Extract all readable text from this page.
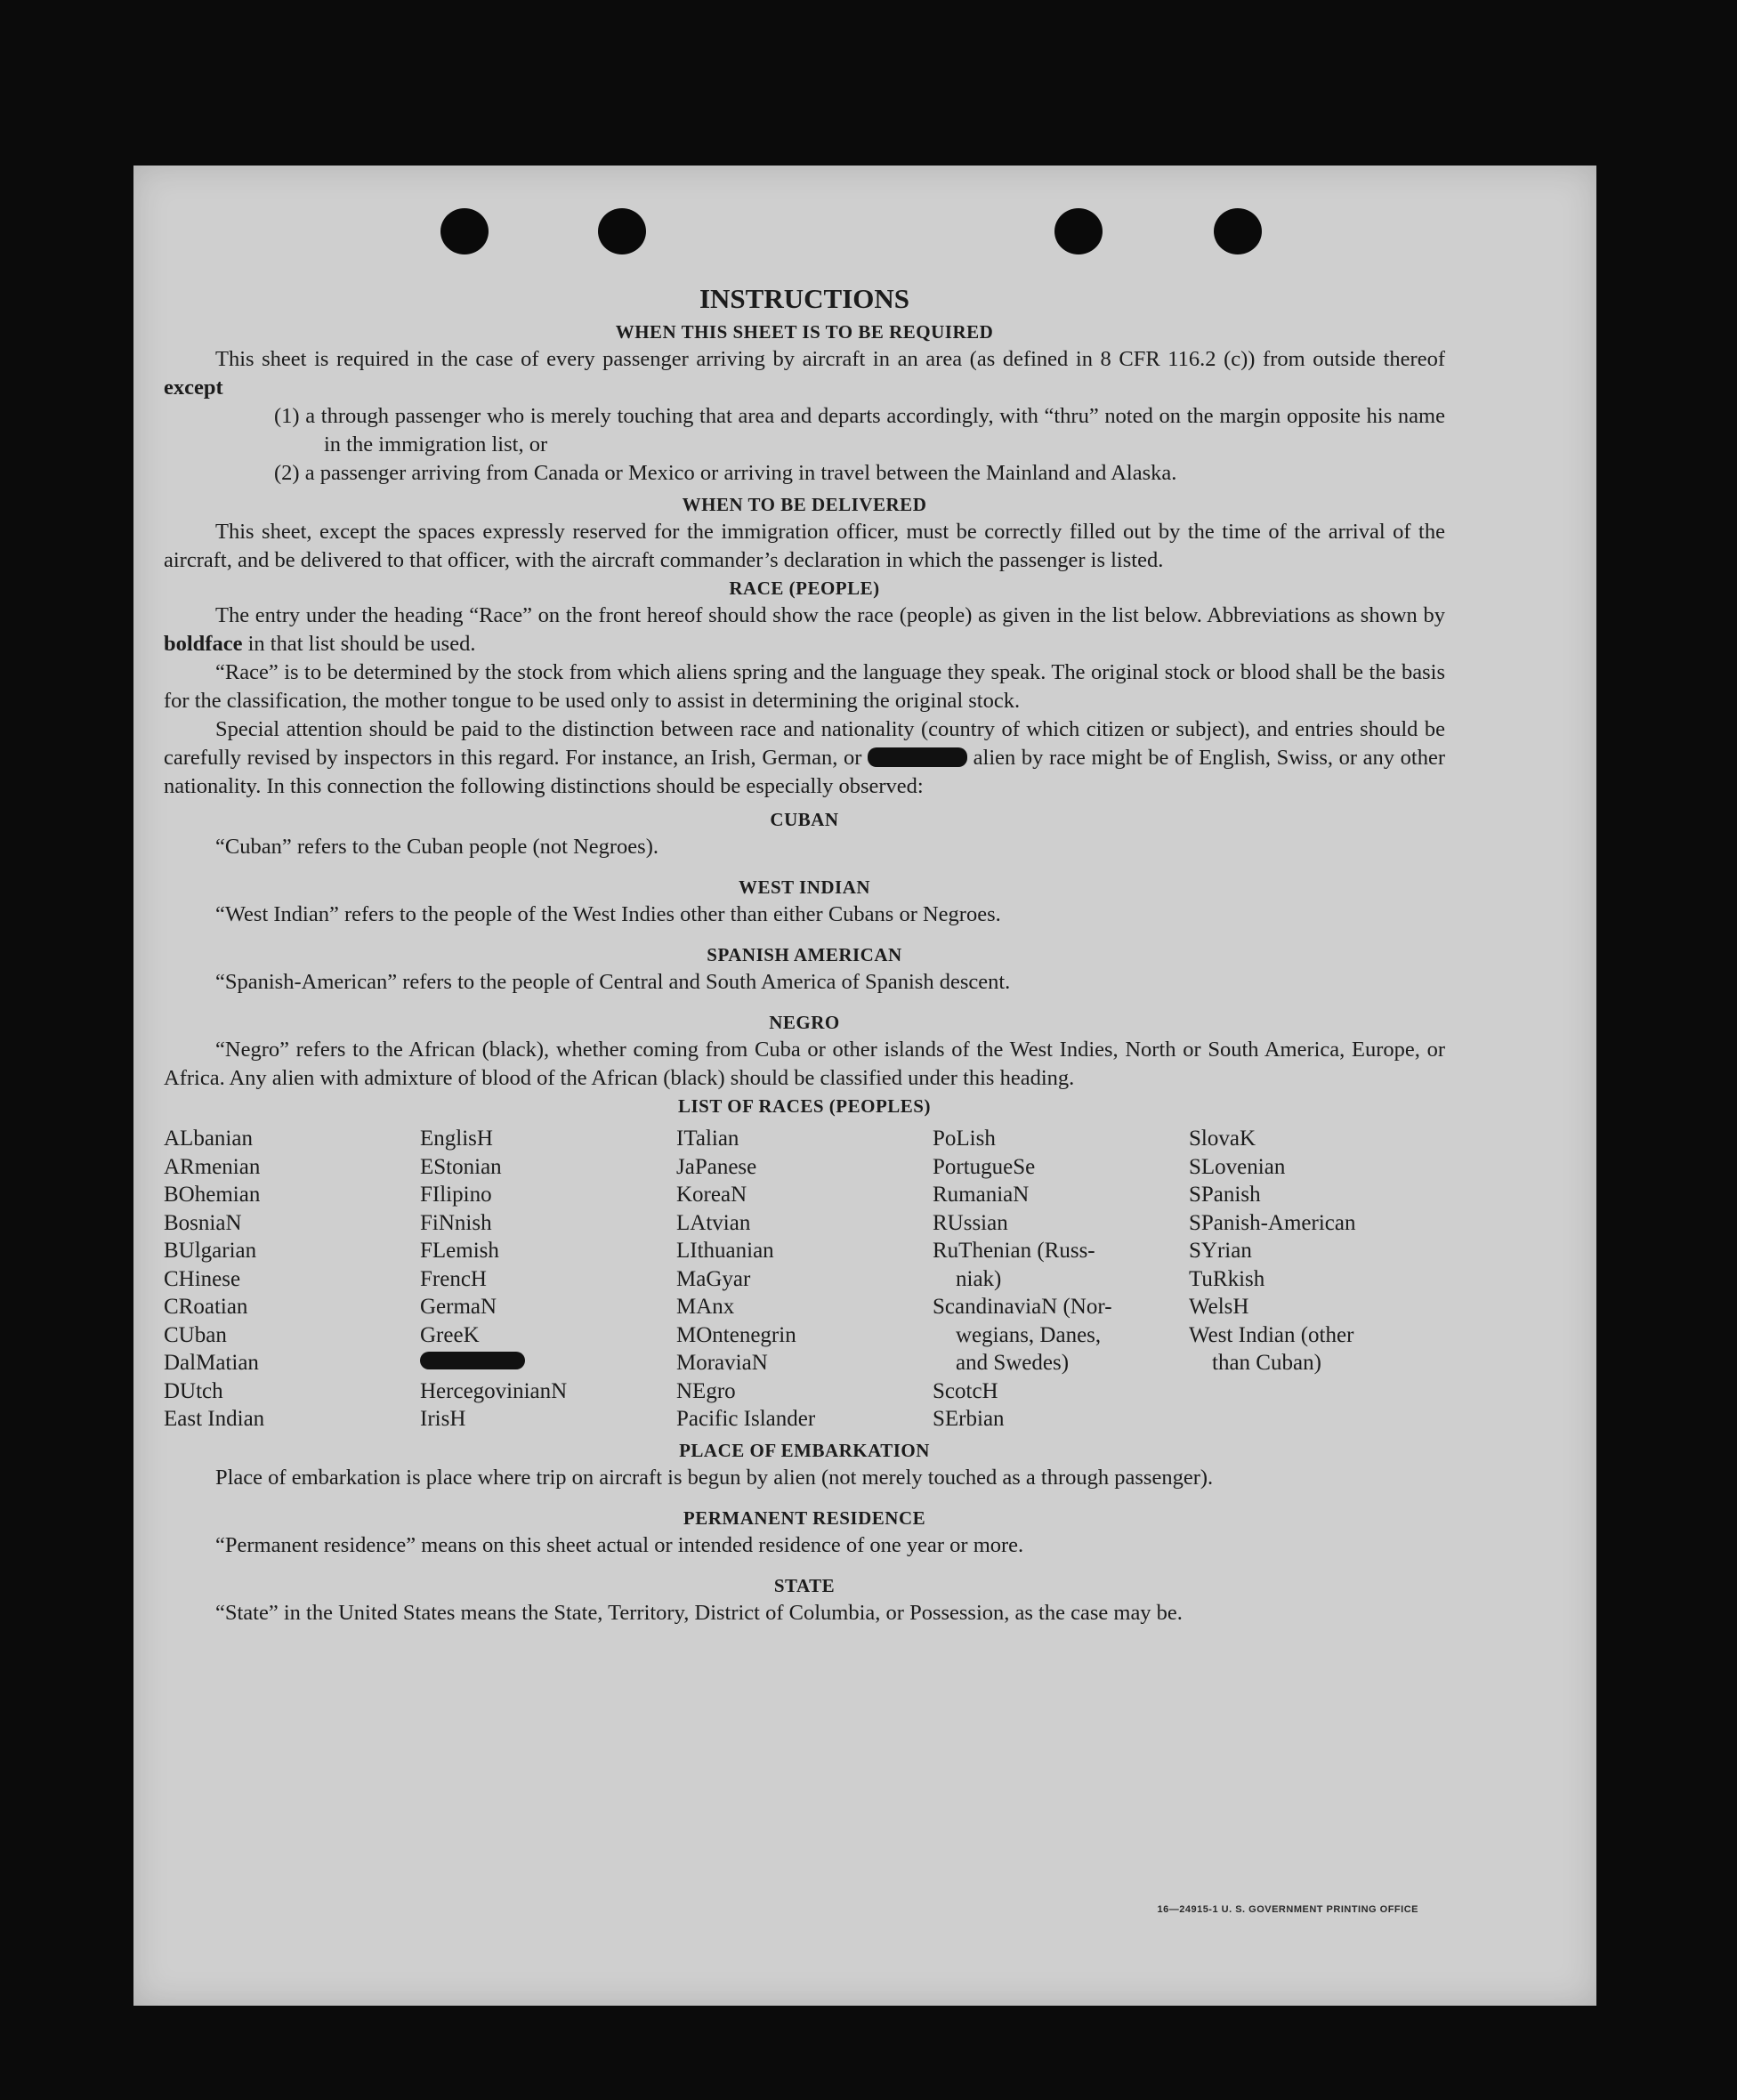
INSTRUCTIONS
WHEN THIS SHEET IS TO BE REQUIRED

This sheet is required in the case of every passenger arriving by aircraft in an area (as defined in 8 CFR 116.2 (c)) from outside thereof except

(1) a through passenger who is merely touching that area and departs accordingly, with “thru” noted on the margin opposite his name in the immigration list, or

(2) a passenger arriving from Canada or Mexico or arriving in travel between the Mainland and Alaska.

WHEN TO BE DELIVERED

This sheet, except the spaces expressly reserved for the immigration officer, must be correctly filled out by the time of the arrival of the aircraft, and be delivered to that officer, with the aircraft commander’s declaration in which the passenger is listed.

RACE (PEOPLE)

The entry under the heading “Race” on the front hereof should show the race (people) as given in the list below. Abbreviations as shown by boldface in that list should be used.

“Race” is to be determined by the stock from which aliens spring and the language they speak. The original stock or blood shall be the basis for the classification, the mother tongue to be used only to assist in determining the original stock.

Special attention should be paid to the distinction between race and nationality (country of which citizen or subject), and entries should be carefully revised by inspectors in this regard. For instance, an Irish, German, or	alien by race might be of English, Swiss, or any other nationality. In this connection the following distinctions should be especially observed:

CUBAN

“Cuban” refers to the Cuban people (not Negroes).

WEST INDIAN

“West Indian” refers to the people of the West Indies other than either Cubans or Negroes.

SPANISH AMERICAN

“Spanish-American” refers to the people of Central and South America of Spanish descent.

NEGRO

“Negro” refers to the African (black), whether coming from Cuba or other islands of the West Indies, North or South America, Europe, or Africa. Any alien with admixture of blood of the African (black) should be classified under this heading.

LIST OF RACES (PEOPLES)
ALbanian
ARmenian
BOhemian
BosniaN
BUlgarian
CHinese
CRoatian
CUban
DalMatian
DUtch
East Indian
EnglisH
EStonian
FIlipino
FiNnish
FLemish
FrencH
GermaN
GreeK
HercegovinianN
IrisH
ITalian
JaPanese
KoreaN
LAtvian
LIthuanian
MaGyar
MAnx
MOntenegrin
MoraviaN
NEgro
Pacific Islander
PoLish
PortugueSe
RumaniaN
RUssian
RuThenian (Russ-
niak)
ScandinaviaN (Nor-
wegians, Danes,
and Swedes)
ScotcH
SErbian
SlovaK
SLovenian
SPanish
SPanish-American
SYrian
TuRkish
WelsH
West Indian (other
than Cuban)
PLACE OF EMBARKATION

Place of embarkation is place where trip on aircraft is begun by alien (not merely touched as a through passenger).

PERMANENT RESIDENCE

“Permanent residence” means on this sheet actual or intended residence of one year or more.

STATE

“State” in the United States means the State, Territory, District of Columbia, or Possession, as the case may be.

16—24915-1 U. S. GOVERNMENT PRINTING OFFICE
